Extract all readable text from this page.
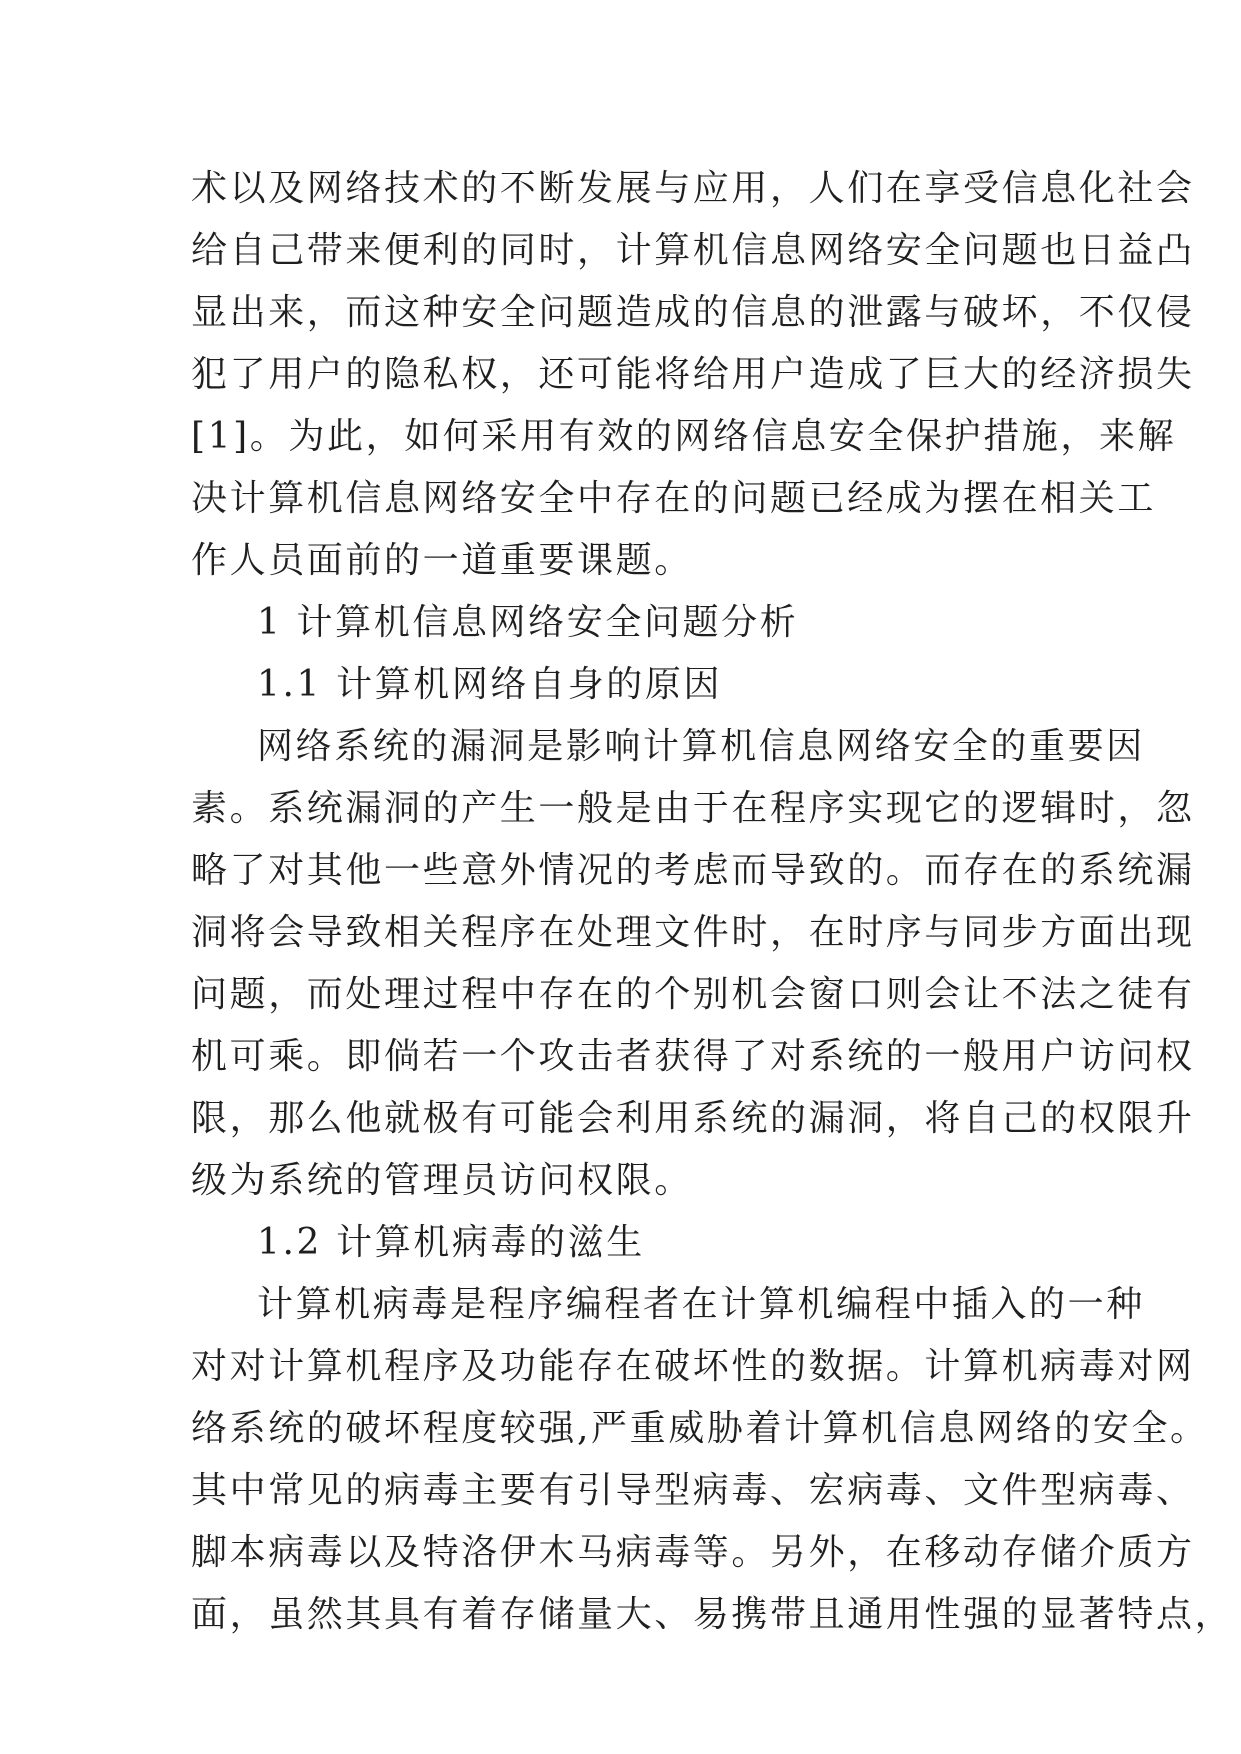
术以及网络技术的不断发展与应用，人们在享受信息化社会
给自己带来便利的同时，计算机信息网络安全问题也日益凸
显出来，而这种安全问题造成的信息的泄露与破坏，不仅侵
犯了用户的隐私权，还可能将给用户造成了巨大的经济损失
[1]。为此，如何采用有效的网络信息安全保护措施，来解
决计算机信息网络安全中存在的问题已经成为摆在相关工
作人员面前的一道重要课题。
1 计算机信息网络安全问题分析
1.1 计算机网络自身的原因
网络系统的漏洞是影响计算机信息网络安全的重要因
素。系统漏洞的产生一般是由于在程序实现它的逻辑时，忽
略了对其他一些意外情况的考虑而导致的。而存在的系统漏
洞将会导致相关程序在处理文件时，在时序与同步方面出现
问题，而处理过程中存在的个别机会窗口则会让不法之徒有
机可乘。即倘若一个攻击者获得了对系统的一般用户访问权
限，那么他就极有可能会利用系统的漏洞，将自己的权限升
级为系统的管理员访问权限。
1.2 计算机病毒的滋生
计算机病毒是程序编程者在计算机编程中插入的一种
对对计算机程序及功能存在破坏性的数据。计算机病毒对网
络系统的破坏程度较强,严重威胁着计算机信息网络的安全。
其中常见的病毒主要有引导型病毒、宏病毒、文件型病毒、
脚本病毒以及特洛伊木马病毒等。另外，在移动存储介质方
面，虽然其具有着存储量大、易携带且通用性强的显著特点，
